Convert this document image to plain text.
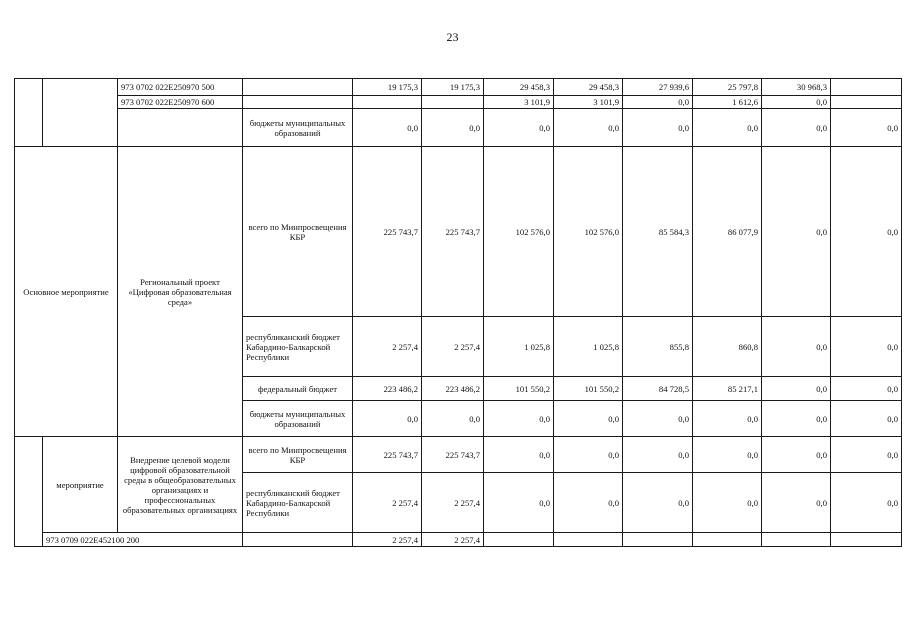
23
		973 0702 022E250970 500		19 175,3	19 175,3	29 458,3	29 458,3	27 939,6	25 797,8	30 968,3	
		973 0702 022E250970 600				3 101,9	3 101,9	0,0	1 612,6	0,0	
			бюджеты муниципальных образований	0,0	0,0	0,0	0,0	0,0	0,0	0,0	0,0
Основное мероприятие		Региональный проект «Цифровая образовательная среда»	всего по Минпросвещения КБР	225 743,7	225 743,7	102 576,0	102 576,0	85 584,3	86 077,9	0,0	0,0
			республиканский бюджет Кабардино-Балкарской Республики	2 257,4	2 257,4	1 025,8	1 025,8	855,8	860,8	0,0	0,0
			федеральный бюджет	223 486,2	223 486,2	101 550,2	101 550,2	84 728,5	85 217,1	0,0	0,0
			бюджеты муниципальных образований	0,0	0,0	0,0	0,0	0,0	0,0	0,0	0,0
	мероприятие	Внедрение целевой модели цифровой образовательной среды в общеобразовательных организациях и профессиональных образовательных организациях	всего по Минпросвещения КБР	225 743,7	225 743,7	0,0	0,0	0,0	0,0	0,0	0,0
			республиканский бюджет Кабардино-Балкарской Республики	2 257,4	2 257,4	0,0	0,0	0,0	0,0	0,0	0,0
	973 0709 022E452100 200			2 257,4	2 257,4						
